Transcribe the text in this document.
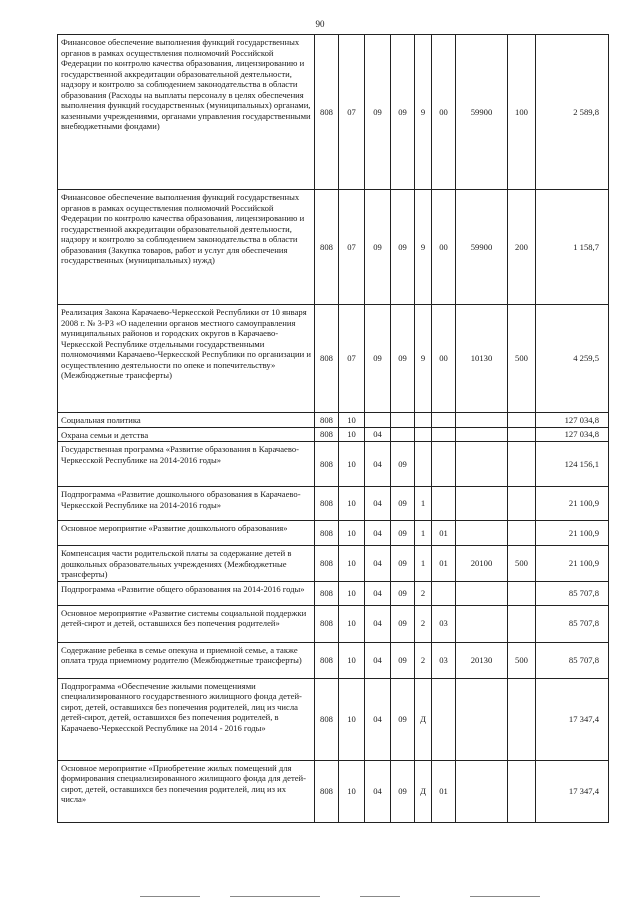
90
Финансовое обеспечение выполнения функций государственных органов в рамках осуществления полномочий Российской Федерации по контролю качества образования, лицензированию и государственной аккредитации образовательной деятельности, надзору и контролю за соблюдением законодательства в области образования (Расходы на выплаты персоналу в целях обеспечения выполнения функций государственных (муниципальных) органами, казенными учреждениями, органами управления государственными внебюджетными фондами)	808	07	09	09	9	00	59900	100	2 589,8
Финансовое обеспечение выполнения функций государственных органов в рамках осуществления полномочий Российской Федерации по контролю качества образования, лицензированию и государственной аккредитации образовательной деятельности, надзору и контролю за соблюдением законодательства в области образования (Закупка товаров, работ и услуг для обеспечения государственных (муниципальных) нужд)	808	07	09	09	9	00	59900	200	1 158,7
Реализация Закона Карачаево-Черкесской Республики от 10 января 2008 г. № 3-РЗ «О наделении органов местного самоуправления муниципальных районов и городских округов в Карачаево-Черкесской Республике отдельными государственными полномочиями Карачаево-Черкесской Республики по организации и осуществлению деятельности по опеке и попечительству» (Межбюджетные трансферты)	808	07	09	09	9	00	10130	500	4 259,5
Социальная политика	808	10							127 034,8
Охрана семьи и детства	808	10	04						127 034,8
Государственная программа «Развитие образования в Карачаево-Черкесской Республике на 2014-2016 годы»	808	10	04	09					124 156,1
Подпрограмма «Развитие дошкольного образования в Карачаево-Черкесской Республике на 2014-2016 годы»	808	10	04	09	1				21 100,9
Основное мероприятие «Развитие дошкольного образования»	808	10	04	09	1	01			21 100,9
Компенсация части родительской платы за содержание детей в дошкольных образовательных учреждениях (Межбюджетные трансферты)	808	10	04	09	1	01	20100	500	21 100,9
Подпрограмма «Развитие общего образования на 2014-2016 годы»	808	10	04	09	2				85 707,8
Основное мероприятие «Развитие системы социальной поддержки детей-сирот и детей, оставшихся без попечения родителей»	808	10	04	09	2	03			85 707,8
Содержание ребенка в семье опекуна и приемной семье, а также оплата труда приемному родителю (Межбюджетные трансферты)	808	10	04	09	2	03	20130	500	85 707,8
Подпрограмма «Обеспечение жилыми помещениями специализированного государственного жилищного фонда детей-сирот, детей, оставшихся без попечения родителей, лиц из числа детей-сирот, детей, оставшихся без попечения родителей, в Карачаево-Черкесской Республике на 2014 - 2016 годы»	808	10	04	09	Д				17 347,4
Основное мероприятие «Приобретение жилых помещений для формирования специализированного жилищного фонда для детей-сирот, детей, оставшихся без попечения родителей, лиц из их числа»	808	10	04	09	Д	01			17 347,4
